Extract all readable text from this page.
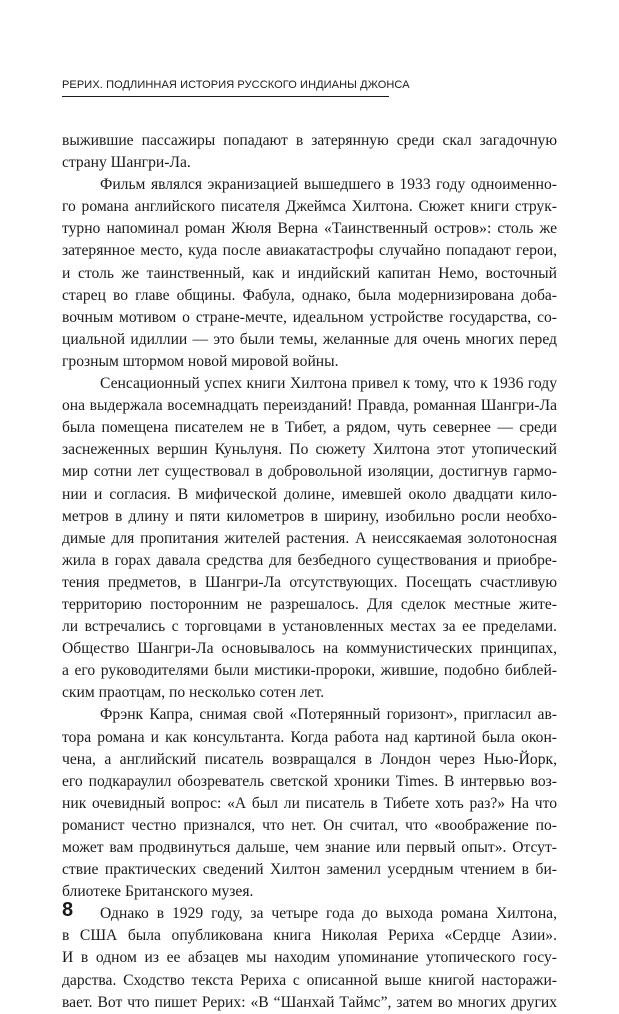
РЕРИХ. ПОДЛИННАЯ ИСТОРИЯ РУССКОГО ИНДИАНЫ ДЖОНСА
выжившие пассажиры попадают в затерянную среди скал загадочную
страну Шангри-Ла.
Фильм являлся экранизацией вышедшего в 1933 году одноименно-
го романа английского писателя Джеймса Хилтона. Сюжет книги струк-
турно напоминал роман Жюля Верна «Таинственный остров»: столь же
затерянное место, куда после авиакатастрофы случайно попадают герои,
и столь же таинственный, как и индийский капитан Немо, восточный
старец во главе общины. Фабула, однако, была модернизирована доба-
вочным мотивом о стране-мечте, идеальном устройстве государства, со-
циальной идиллии — это были темы, желанные для очень многих перед
грозным штормом новой мировой войны.
Сенсационный успех книги Хилтона привел к тому, что к 1936 году
она выдержала восемнадцать переизданий! Правда, романная Шангри-Ла
была помещена писателем не в Тибет, а рядом, чуть севернее — среди
заснеженных вершин Куньлуня. По сюжету Хилтона этот утопический
мир сотни лет существовал в добровольной изоляции, достигнув гармо-
нии и согласия. В мифической долине, имевшей около двадцати кило-
метров в длину и пяти километров в ширину, изобильно росли необхо-
димые для пропитания жителей растения. А неиссякаемая золотоносная
жила в горах давала средства для безбедного существования и приобре-
тения предметов, в Шангри-Ла отсутствующих. Посещать счастливую
территорию посторонним не разрешалось. Для сделок местные жите-
ли встречались с торговцами в установленных местах за ее пределами.
Общество Шангри-Ла основывалось на коммунистических принципах,
а его руководителями были мистики-пророки, жившие, подобно библей-
ским праотцам, по несколько сотен лет.
Фрэнк Капра, снимая свой «Потерянный горизонт», пригласил ав-
тора романа и как консультанта. Когда работа над картиной была окон-
чена, а английский писатель возвращался в Лондон через Нью-Йорк,
его подкараулил обозреватель светской хроники Times. В интервью воз-
ник очевидный вопрос: «А был ли писатель в Тибете хоть раз?» На что
романист честно признался, что нет. Он считал, что «воображение по-
может вам продвинуться дальше, чем знание или первый опыт». Отсут-
ствие практических сведений Хилтон заменил усердным чтением в би-
блиотеке Британского музея.
Однако в 1929 году, за четыре года до выхода романа Хилтона,
в США была опубликована книга Николая Рериха «Сердце Азии».
И в одном из ее абзацев мы находим упоминание утопического госу-
дарства. Сходство текста Рериха с описанной выше книгой насторажи-
вает. Вот что пишет Рерих: «В “Шанхай Таймс”, затем во многих других
8
